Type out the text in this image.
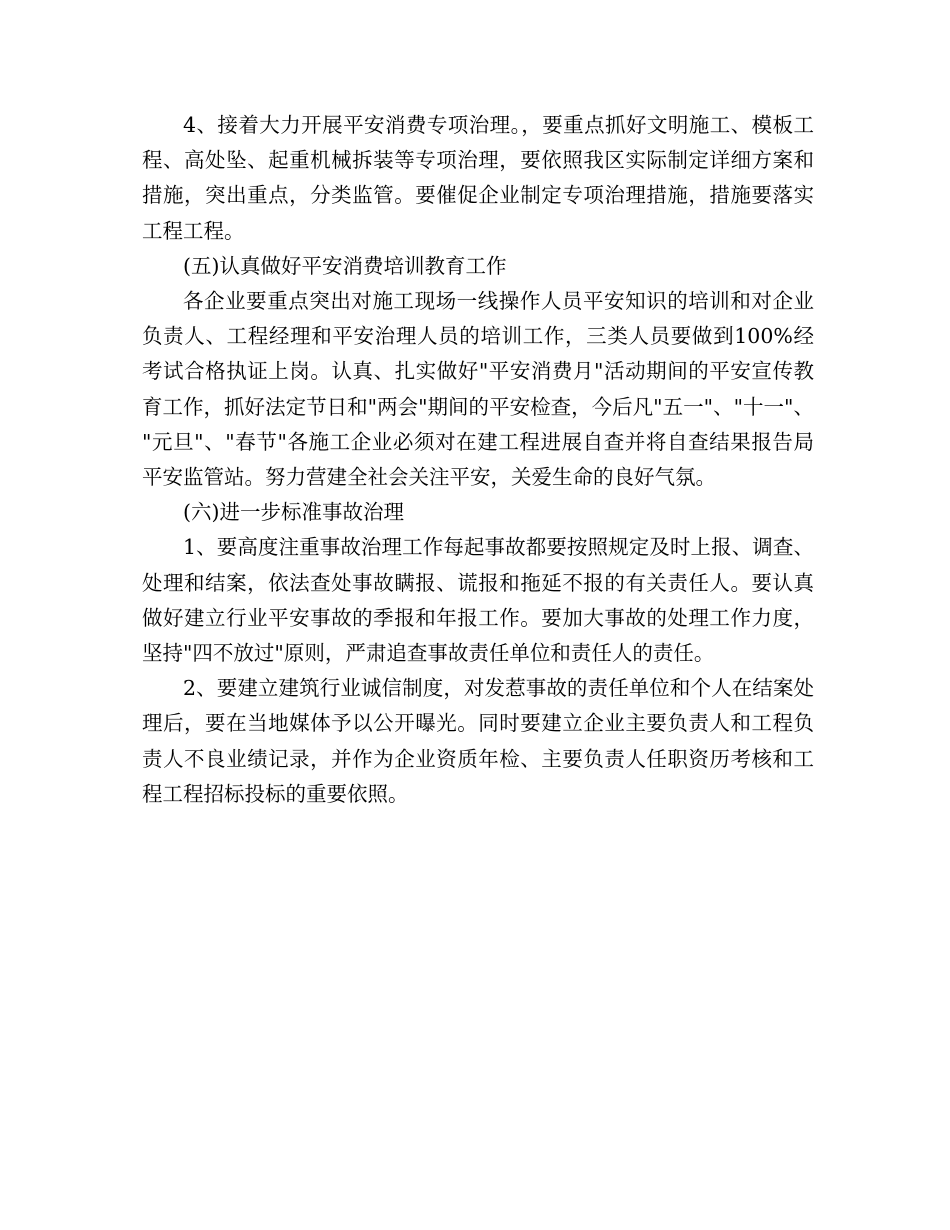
4、接着大力开展平安消费专项治理。，要重点抓好文明施工、模板工程、高处坠、起重机械拆装等专项治理，要依照我区实际制定详细方案和措施，突出重点，分类监管。要催促企业制定专项治理措施，措施要落实工程工程。

(五)认真做好平安消费培训教育工作

各企业要重点突出对施工现场一线操作人员平安知识的培训和对企业负责人、工程经理和平安治理人员的培训工作，三类人员要做到100%经考试合格执证上岗。认真、扎实做好"平安消费月"活动期间的平安宣传教育工作，抓好法定节日和"两会"期间的平安检查，今后凡"五一"、"十一"、"元旦"、"春节"各施工企业必须对在建工程进展自查并将自查结果报告局平安监管站。努力营建全社会关注平安，关爱生命的良好气氛。

(六)进一步标准事故治理

1、要高度注重事故治理工作每起事故都要按照规定及时上报、调查、处理和结案，依法查处事故瞒报、谎报和拖延不报的有关责任人。要认真做好建立行业平安事故的季报和年报工作。要加大事故的处理工作力度，坚持"四不放过"原则，严肃追查事故责任单位和责任人的责任。

2、要建立建筑行业诚信制度，对发惹事故的责任单位和个人在结案处理后，要在当地媒体予以公开曝光。同时要建立企业主要负责人和工程负责人不良业绩记录，并作为企业资质年检、主要负责人任职资历考核和工程工程招标投标的重要依照。
